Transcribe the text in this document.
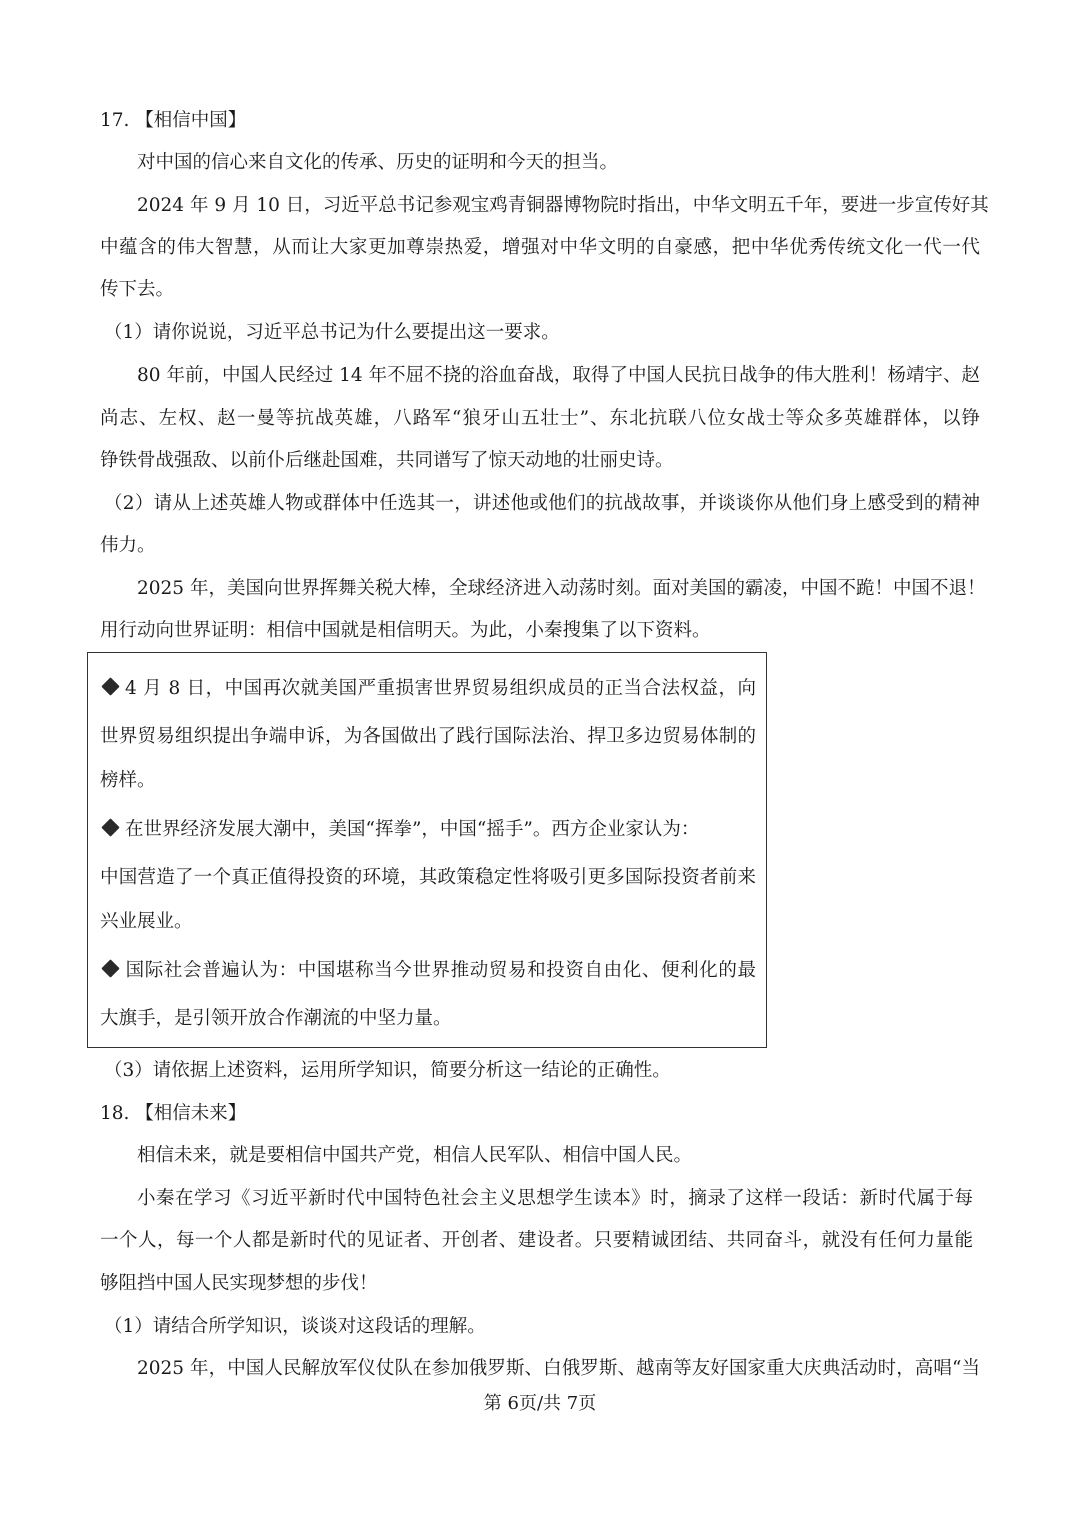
17. 【相信中国】
对中国的信心来自文化的传承、历史的证明和今天的担当。
2024 年 9 月 10 日，习近平总书记参观宝鸡青铜器博物院时指出，中华文明五千年，要进一步宣传好其
中蕴含的伟大智慧，从而让大家更加尊崇热爱，增强对中华文明的自豪感，把中华优秀传统文化一代一代
传下去。
（1）请你说说，习近平总书记为什么要提出这一要求。
80 年前，中国人民经过 14 年不屈不挠的浴血奋战，取得了中国人民抗日战争的伟大胜利！杨靖宇、赵
尚志、左权、赵一曼等抗战英雄，八路军“狼牙山五壮士”、东北抗联八位女战士等众多英雄群体，以铮
铮铁骨战强敌、以前仆后继赴国难，共同谱写了惊天动地的壮丽史诗。
（2）请从上述英雄人物或群体中任选其一，讲述他或他们的抗战故事，并谈谈你从他们身上感受到的精神
伟力。
2025 年，美国向世界挥舞关税大棒，全球经济进入动荡时刻。面对美国的霸凌，中国不跪！中国不退！
用行动向世界证明：相信中国就是相信明天。为此，小秦搜集了以下资料。
4 月 8 日，中国再次就美国严重损害世界贸易组织成员的正当合法权益，向
世界贸易组织提出争端申诉，为各国做出了践行国际法治、捍卫多边贸易体制的
榜样。
在世界经济发展大潮中，美国“挥拳”，中国“摇手”。西方企业家认为：
中国营造了一个真正值得投资的环境，其政策稳定性将吸引更多国际投资者前来
兴业展业。
国际社会普遍认为：中国堪称当今世界推动贸易和投资自由化、便利化的最
大旗手，是引领开放合作潮流的中坚力量。
（3）请依据上述资料，运用所学知识，简要分析这一结论的正确性。
18. 【相信未来】
相信未来，就是要相信中国共产党，相信人民军队、相信中国人民。
小秦在学习《习近平新时代中国特色社会主义思想学生读本》时，摘录了这样一段话：新时代属于每
一个人，每一个人都是新时代的见证者、开创者、建设者。只要精诚团结、共同奋斗，就没有任何力量能
够阻挡中国人民实现梦想的步伐！
（1）请结合所学知识，谈谈对这段话的理解。
2025 年，中国人民解放军仪仗队在参加俄罗斯、白俄罗斯、越南等友好国家重大庆典活动时，高唱“当
第 6页/共 7页
